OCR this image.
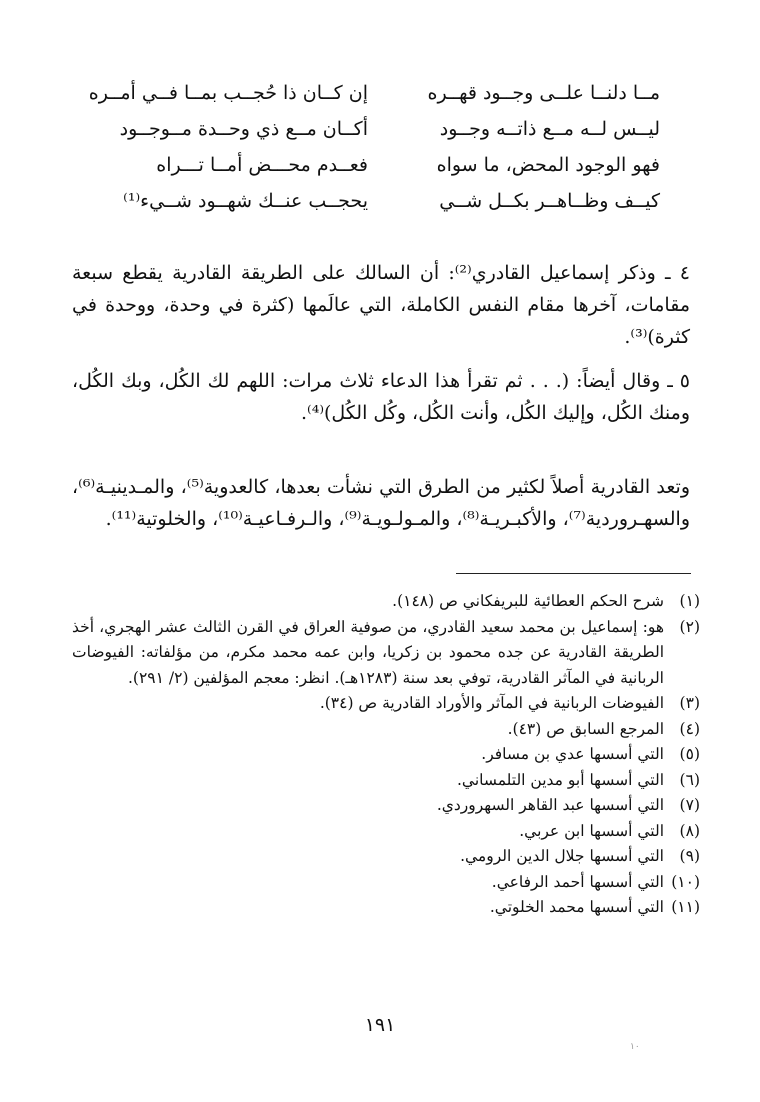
مــا دلنــا علــى وجــود قهــره
إن كــان ذا حُجــب بمــا فــي أمــره
ليــس لــه مــع ذاتــه وجــود
أكــان مــع ذي وحــدة مــوجــود
فهو الوجود المحض، ما سواه
فعــدم محـــض أمــا تـــراه
كيــف وظــاهــر بكــل شــي
يحجــب عنــك شهــود شــيء⁽¹⁾

٤ ـ وذكر إسماعيل القادري⁽²⁾: أن السالك على الطريقة القادرية يقطع سبعة مقامات، آخرها مقام النفس الكاملة، التي عالَمها (كثرة في وحدة، ووحدة في كثرة)⁽³⁾.

٥ ـ وقال أيضاً: (. . . ثم تقرأ هذا الدعاء ثلاث مرات: اللهم لك الكُل، وبك الكُل، ومنك الكُل، وإليك الكُل، وأنت الكُل، وكُل الكُل)⁽⁴⁾.

وتعد القادرية أصلاً لكثير من الطرق التي نشأت بعدها، كالعدوية⁽⁵⁾، والمـدينيـة⁽⁶⁾، والسهـروردية⁽⁷⁾، والأكبـريـة⁽⁸⁾، والمـولـويـة⁽⁹⁾، والـرفـاعيـة⁽¹⁰⁾، والخلوتية⁽¹¹⁾.

(١)
شرح الحكم العطائية للبريفكاني ص (١٤٨).
(٢)
هو: إسماعيل بن محمد سعيد القادري، من صوفية العراق في القرن الثالث عشر الهجري، أخذ الطريقة القادرية عن جده محمود بن زكريا، وابن عمه محمد مكرم، من مؤلفاته: الفيوضات الربانية في المآثر القادرية، توفي بعد سنة (١٢٨٣هـ). انظر: معجم المؤلفين (٢/ ٢٩١).
(٣)
الفيوضات الربانية في المآثر والأوراد القادرية ص (٣٤).
(٤)
المرجع السابق ص (٤٣).
(٥)
التي أسسها عدي بن مسافر.
(٦)
التي أسسها أبو مدين التلمساني.
(٧)
التي أسسها عبد القاهر السهروردي.
(٨)
التي أسسها ابن عربي.
(٩)
التي أسسها جلال الدين الرومي.
(١٠)
التي أسسها أحمد الرفاعي.
(١١)
التي أسسها محمد الخلوتي.
١٩١
١٠
